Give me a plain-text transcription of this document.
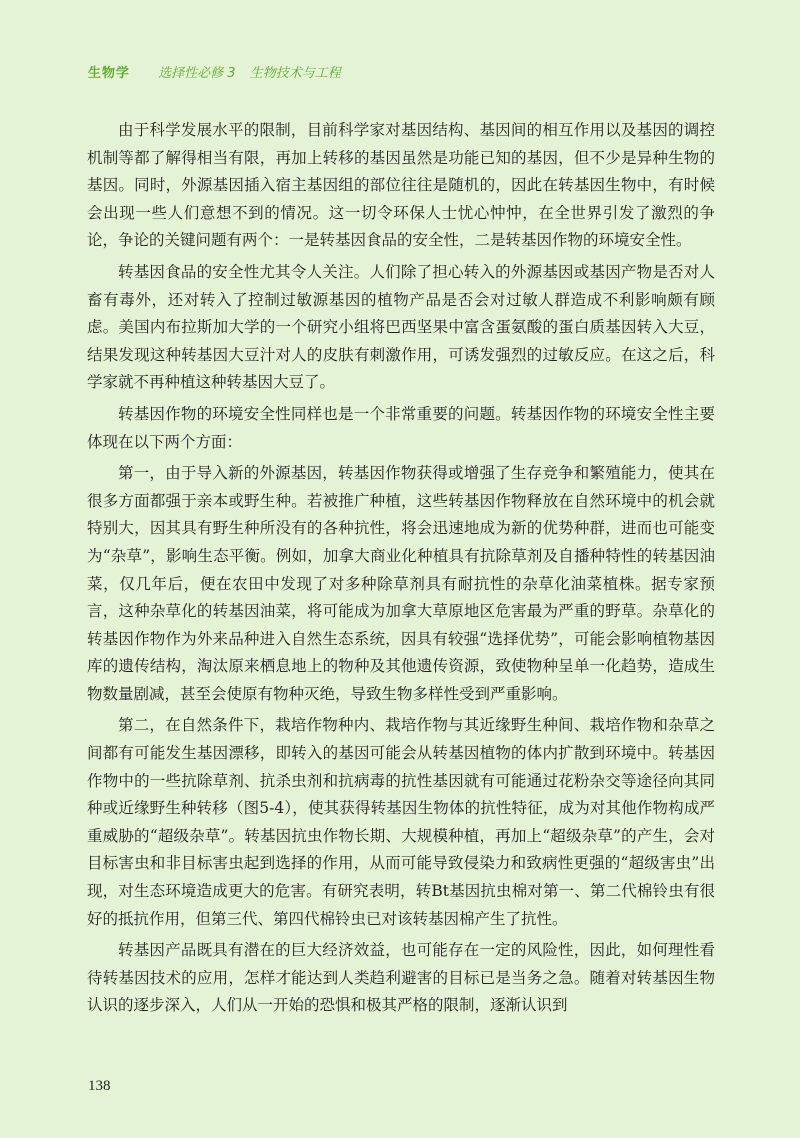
生物学 选择性必修 3 生物技术与工程

由于科学发展水平的限制，目前科学家对基因结构、基因间的相互作用以及基因的调控机制等都了解得相当有限，再加上转移的基因虽然是功能已知的基因，但不少是异种生物的基因。同时，外源基因插入宿主基因组的部位往往是随机的，因此在转基因生物中，有时候会出现一些人们意想不到的情况。这一切令环保人士忧心忡忡，在全世界引发了激烈的争论，争论的关键问题有两个：一是转基因食品的安全性，二是转基因作物的环境安全性。

转基因食品的安全性尤其令人关注。人们除了担心转入的外源基因或基因产物是否对人畜有毒外，还对转入了控制过敏源基因的植物产品是否会对过敏人群造成不利影响颇有顾虑。美国内布拉斯加大学的一个研究小组将巴西坚果中富含蛋氨酸的蛋白质基因转入大豆，结果发现这种转基因大豆汁对人的皮肤有刺激作用，可诱发强烈的过敏反应。在这之后，科学家就不再种植这种转基因大豆了。

转基因作物的环境安全性同样也是一个非常重要的问题。转基因作物的环境安全性主要体现在以下两个方面：

第一，由于导入新的外源基因，转基因作物获得或增强了生存竞争和繁殖能力，使其在很多方面都强于亲本或野生种。若被推广种植，这些转基因作物释放在自然环境中的机会就特别大，因其具有野生种所没有的各种抗性，将会迅速地成为新的优势种群，进而也可能变为“杂草”，影响生态平衡。例如，加拿大商业化种植具有抗除草剂及自播种特性的转基因油菜，仅几年后，便在农田中发现了对多种除草剂具有耐抗性的杂草化油菜植株。据专家预言，这种杂草化的转基因油菜，将可能成为加拿大草原地区危害最为严重的野草。杂草化的转基因作物作为外来品种进入自然生态系统，因具有较强“选择优势”，可能会影响植物基因库的遗传结构，淘汰原来栖息地上的物种及其他遗传资源，致使物种呈单一化趋势，造成生物数量剧减，甚至会使原有物种灭绝，导致生物多样性受到严重影响。

第二，在自然条件下，栽培作物种内、栽培作物与其近缘野生种间、栽培作物和杂草之间都有可能发生基因漂移，即转入的基因可能会从转基因植物的体内扩散到环境中。转基因作物中的一些抗除草剂、抗杀虫剂和抗病毒的抗性基因就有可能通过花粉杂交等途径向其同种或近缘野生种转移（图5-4），使其获得转基因生物体的抗性特征，成为对其他作物构成严重威胁的“超级杂草”。转基因抗虫作物长期、大规模种植，再加上“超级杂草”的产生，会对目标害虫和非目标害虫起到选择的作用，从而可能导致侵染力和致病性更强的“超级害虫”出现，对生态环境造成更大的危害。有研究表明，转Bt基因抗虫棉对第一、第二代棉铃虫有很好的抵抗作用，但第三代、第四代棉铃虫已对该转基因棉产生了抗性。

转基因产品既具有潜在的巨大经济效益，也可能存在一定的风险性，因此，如何理性看待转基因技术的应用，怎样才能达到人类趋利避害的目标已是当务之急。随着对转基因生物认识的逐步深入，人们从一开始的恐惧和极其严格的限制，逐渐认识到

138
